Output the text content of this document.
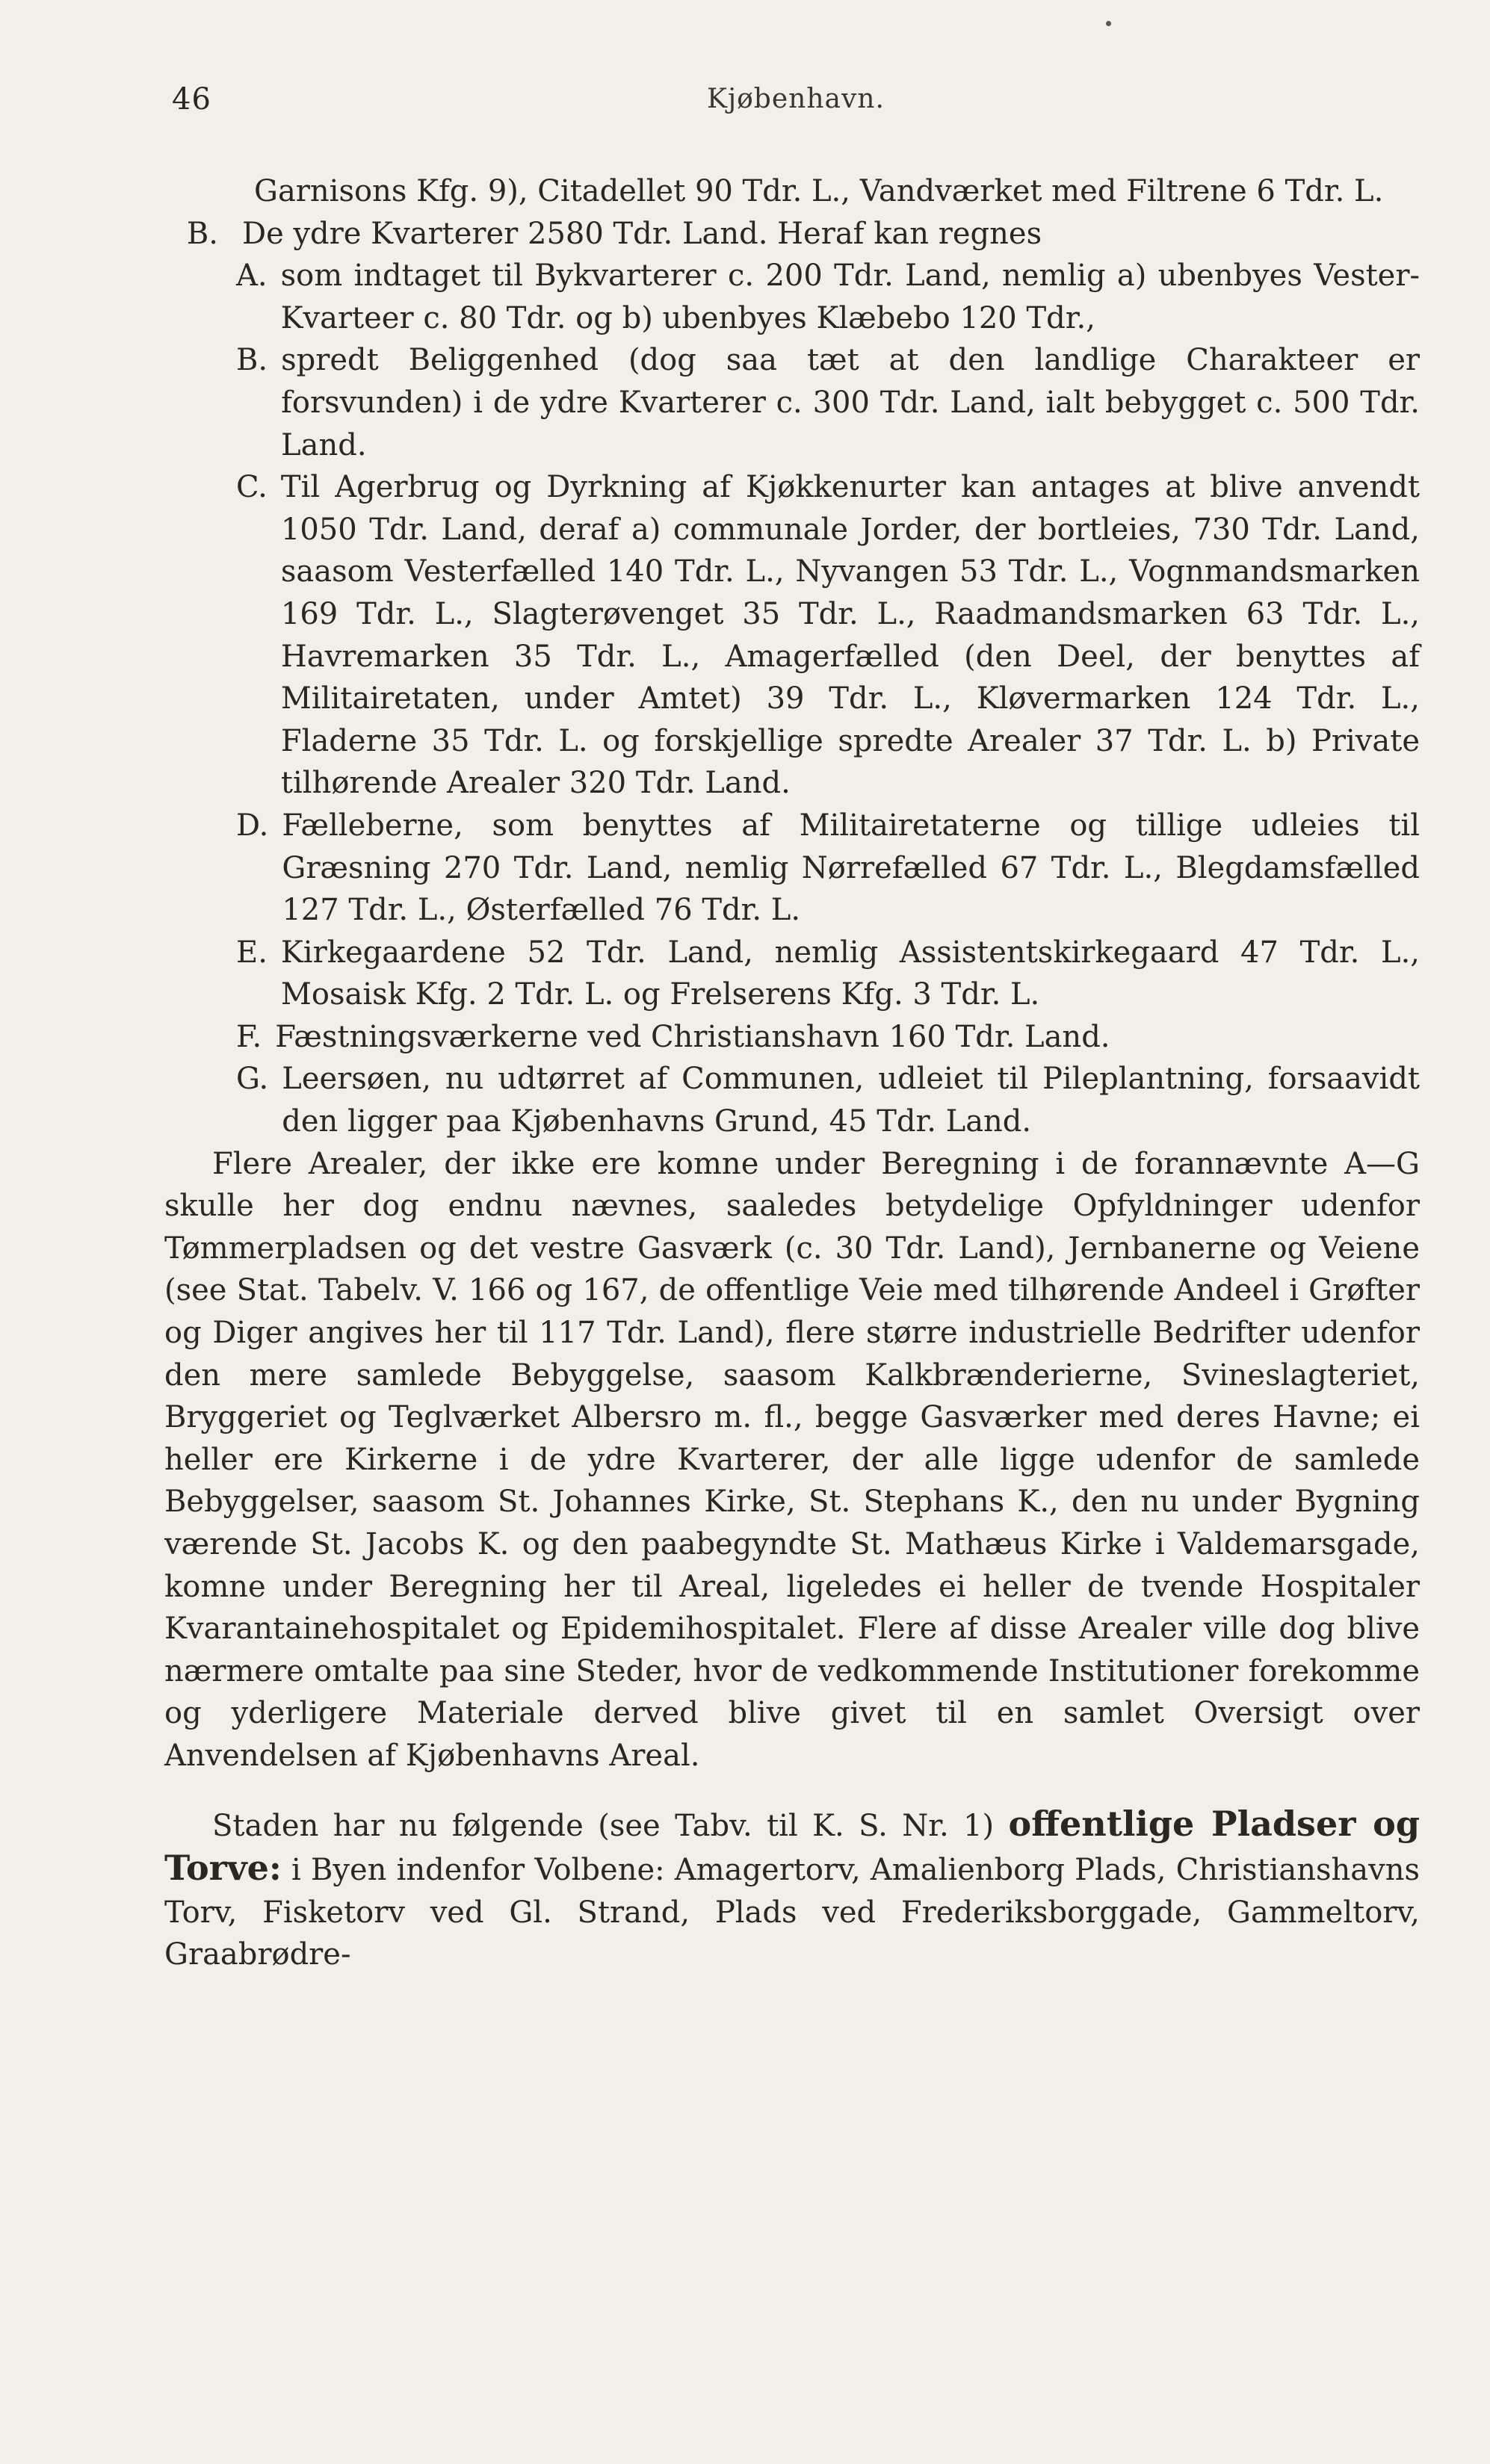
46	Kjøbenhavn.

Garnisons Kfg. 9), Citadellet 90 Tdr. L., Vandværket med Filtrene 6 Tdr. L.

B. De ydre Kvarterer 2580 Tdr. Land. Heraf kan regnes
A. som indtaget til Bykvarterer c. 200 Tdr. Land, nemlig a) ubenbyes Vester-Kvarteer c. 80 Tdr. og b) ubenbyes Klæbebo 120 Tdr.,
B. spredt Beliggenhed (dog saa tæt at den landlige Charakteer er forsvunden) i de ydre Kvarterer c. 300 Tdr. Land, ialt bebygget c. 500 Tdr. Land.
C. Til Agerbrug og Dyrkning af Kjøkkenurter kan antages at blive anvendt 1050 Tdr. Land, deraf a) communale Jorder, der bortleies, 730 Tdr. Land, saasom Vesterfælled 140 Tdr. L., Nyvangen 53 Tdr. L., Vognmandsmarken 169 Tdr. L., Slagterøvenget 35 Tdr. L., Raadmandsmarken 63 Tdr. L., Havremarken 35 Tdr. L., Amagerfælled (den Deel, der benyttes af Militairetaten, under Amtet) 39 Tdr. L., Kløvermarken 124 Tdr. L., Fladerne 35 Tdr. L. og forskjellige spredte Arealer 37 Tdr. L. b) Private tilhørende Arealer 320 Tdr. Land.
D. Fælleberne, som benyttes af Militairetaterne og tillige udleies til Græsning 270 Tdr. Land, nemlig Nørrefælled 67 Tdr. L., Blegdamsfælled 127 Tdr. L., Østerfælled 76 Tdr. L.
E. Kirkegaardene 52 Tdr. Land, nemlig Assistentskirkegaard 47 Tdr. L., Mosaisk Kfg. 2 Tdr. L. og Frelserens Kfg. 3 Tdr. L.
F. Fæstningsværkerne ved Christianshavn 160 Tdr. Land.
G. Leersøen, nu udtørret af Communen, udleiet til Pileplantning, forsaavidt den ligger paa Kjøbenhavns Grund, 45 Tdr. Land.

Flere Arealer, der ikke ere komne under Beregning i de forannævnte A—G skulle her dog endnu nævnes, saaledes betydelige Opfyldninger udenfor Tømmerpladsen og det vestre Gasværk (c. 30 Tdr. Land), Jernbanerne og Veiene (see Stat. Tabelv. V. 166 og 167, de offentlige Veie med tilhørende Andeel i Grøfter og Diger angives her til 117 Tdr. Land), flere større industrielle Bedrifter udenfor den mere samlede Bebyggelse, saasom Kalkbrænderierne, Svineslagteriet, Bryggeriet og Teglværket Albersro m. fl., begge Gasværker med deres Havne; ei heller ere Kirkerne i de ydre Kvarterer, der alle ligge udenfor de samlede Bebyggelser, saasom St. Johannes Kirke, St. Stephans K., den nu under Bygning værende St. Jacobs K. og den paabegyndte St. Mathæus Kirke i Valdemarsgade, komne under Beregning her til Areal, ligeledes ei heller de tvende Hospitaler Kvarantainehospitalet og Epidemihospitalet. Flere af disse Arealer ville dog blive nærmere omtalte paa sine Steder, hvor de vedkommende Institutioner forekomme og yderligere Materiale derved blive givet til en samlet Oversigt over Anvendelsen af Kjøbenhavns Areal.

Staden har nu følgende (see Tabv. til K. S. Nr. 1) offentlige Pladser og Torve: i Byen indenfor Volbene: Amagertorv, Amalienborg Plads, Christianshavns Torv, Fisketorv ved Gl. Strand, Plads ved Frederiksborggade, Gammeltorv, Graabrødre-
